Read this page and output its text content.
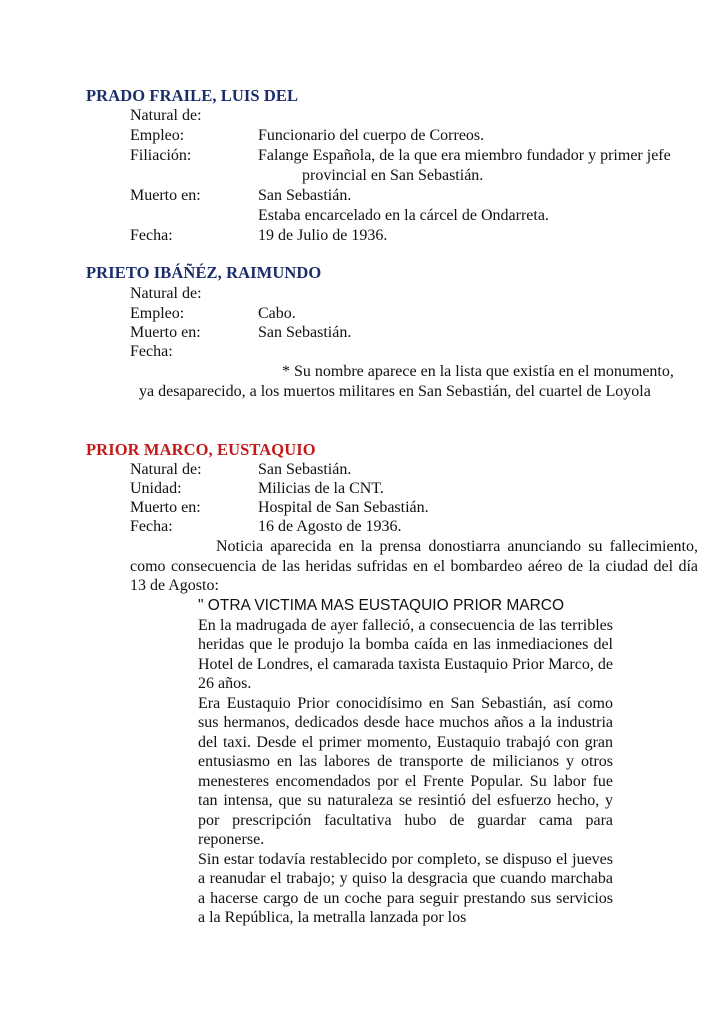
PRADO FRAILE, LUIS DEL
Natural de:
Empleo:	Funcionario del cuerpo de Correos.
Filiación:	Falange Española, de la que era miembro fundador y primer jefe
provincial en San Sebastián.
Muerto en:	San Sebastián.
Estaba encarcelado en la cárcel de Ondarreta.
Fecha:	19 de Julio de 1936.
PRIETO IBÁÑÉZ, RAIMUNDO
Natural de:
Empleo:	Cabo.
Muerto en:	San Sebastián.
Fecha:
* Su nombre aparece en la lista que existía en el monumento,
ya desaparecido, a los muertos militares en San Sebastián, del cuartel de Loyola
PRIOR MARCO, EUSTAQUIO
Natural de:	San Sebastián.
Unidad:	Milicias de la CNT.
Muerto en:	Hospital de San Sebastián.
Fecha:	16 de Agosto de 1936.
Noticia aparecida en la prensa donostiarra anunciando su fallecimiento, como consecuencia de las heridas sufridas en el bombardeo aéreo de la ciudad del día 13 de Agosto:

" OTRA VICTIMA MAS EUSTAQUIO PRIOR MARCO

En la madrugada de ayer falleció, a consecuencia de las terribles heridas que le produjo la bomba caída en las inmediaciones del Hotel de Londres, el camarada taxista Eustaquio Prior Marco, de 26 años.

Era Eustaquio Prior conocidísimo en San Sebastián, así como sus hermanos, dedicados desde hace muchos años a la industria del taxi. Desde el primer momento, Eustaquio trabajó con gran entusiasmo en las labores de transporte de milicianos y otros menesteres encomendados por el Frente Popular. Su labor fue tan intensa, que su naturaleza se resintió del esfuerzo hecho, y por prescripción facultativa hubo de guardar cama para reponerse.

Sin estar todavía restablecido por completo, se dispuso el jueves a reanudar el trabajo; y quiso la desgracia que cuando marchaba a hacerse cargo de un coche para seguir prestando sus servicios a la República, la metralla lanzada por los
